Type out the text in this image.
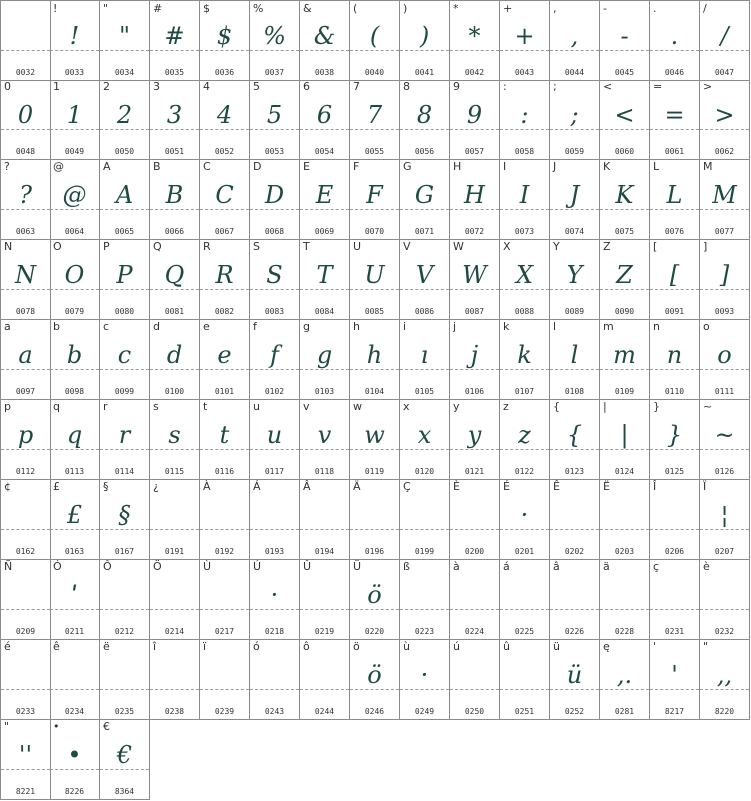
0032
!
!
0033
"
"
0034
#
#
0035
$
$
0036
%
%
0037
&
&
0038
(
(
0040
)
)
0041
*
*
0042
+
+
0043
,
,
0044
-
-
0045
.
.
0046
/
/
0047
0
0
0048
1
1
0049
2
2
0050
3
3
0051
4
4
0052
5
5
0053
6
6
0054
7
7
0055
8
8
0056
9
9
0057
:
:
0058
;
;
0059
<
<
0060
=
=
0061
>
>
0062
?
?
0063
@
@
0064
A
A
0065
B
B
0066
C
C
0067
D
D
0068
E
E
0069
F
F
0070
G
G
0071
H
H
0072
I
I
0073
J
J
0074
K
K
0075
L
L
0076
M
M
0077
N
N
0078
O
O
0079
P
P
0080
Q
Q
0081
R
R
0082
S
S
0083
T
T
0084
U
U
0085
V
V
0086
W
W
0087
X
X
0088
Y
Y
0089
Z
Z
0090
[
[
0091
]
]
0093
a
a
0097
b
b
0098
c
c
0099
d
d
0100
e
e
0101
f
f
0102
g
g
0103
h
h
0104
i
ı
0105
j
j
0106
k
k
0107
l
l
0108
m
m
0109
n
n
0110
o
o
0111
p
p
0112
q
q
0113
r
r
0114
s
s
0115
t
t
0116
u
u
0117
v
v
0118
w
w
0119
x
x
0120
y
y
0121
z
z
0122
{
{
0123
|
|
0124
}
}
0125
~
~
0126
¢
0162
£
£
0163
§
§
0167
¿
0191
À
0192
Á
0193
Â
0194
Ä
0196
Ç
0199
È
0200
É
·
0201
Ê
0202
Ë
0203
Î
0206
Ï
¦
0207
Ñ
0209
Ó
ˈ
0211
Ô
0212
Ö
0214
Ù
0217
Ú
·
0218
Û
0219
Ü
ö
0220
ß
0223
à
0224
á
0225
â
0226
ä
0228
ç
0231
è
0232
é
0233
ê
0234
ë
0235
î
0238
ï
0239
ó
0243
ô
0244
ö
ö
0246
ù
·
0249
ú
0250
û
0251
ü
ü
0252
ę
,.
0281
'
'
8217
"
,,
8220
"
''
8221
•
•
8226
€
€
8364
